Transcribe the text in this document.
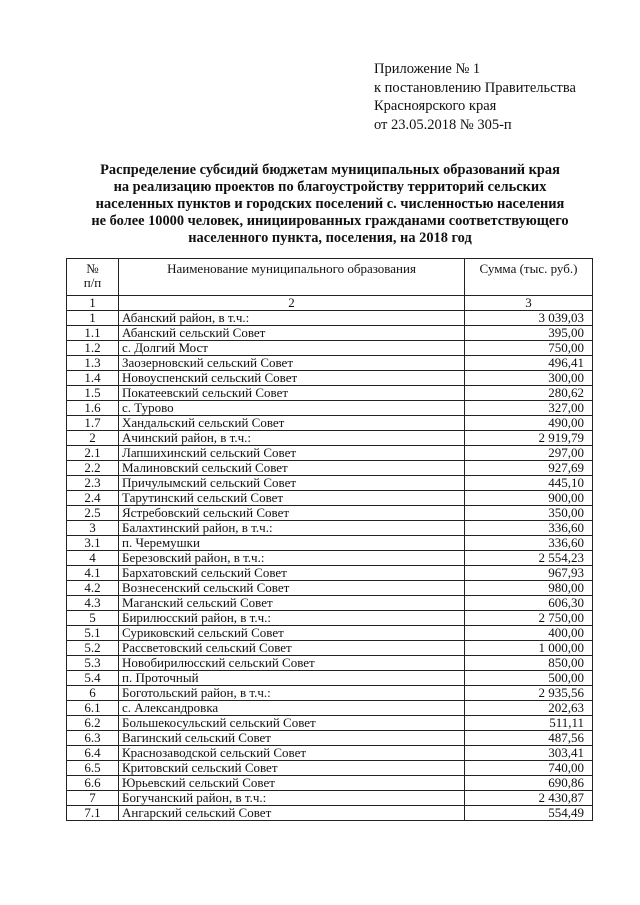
Приложение № 1
к постановлению Правительства
Красноярского края
от 23.05.2018 № 305-п
Распределение субсидий бюджетам муниципальных образований края
на реализацию проектов по благоустройству территорий сельских
населенных пунктов и городских поселений с. численностью населения
не более 10000 человек, инициированных гражданами соответствующего
населенного пункта, поселения, на 2018 год
№
п/п	Наименование муниципального образования	Сумма (тыс. руб.)
1	2	3
1	Абанский район, в т.ч.:	3 039,03
1.1	Абанский сельский Совет	395,00
1.2	с. Долгий Мост	750,00
1.3	Заозерновский сельский Совет	496,41
1.4	Новоуспенский сельский Совет	300,00
1.5	Покатеевский сельский Совет	280,62
1.6	с. Турово	327,00
1.7	Хандальский сельский Совет	490,00
2	Ачинский район, в т.ч.:	2 919,79
2.1	Лапшихинский сельский Совет	297,00
2.2	Малиновский сельский Совет	927,69
2.3	Причулымский сельский Совет	445,10
2.4	Тарутинский сельский Совет	900,00
2.5	Ястребовский сельский Совет	350,00
3	Балахтинский район, в т.ч.:	336,60
3.1	п. Черемушки	336,60
4	Березовский район, в т.ч.:	2 554,23
4.1	Бархатовский сельский Совет	967,93
4.2	Вознесенский сельский Совет	980,00
4.3	Маганский сельский Совет	606,30
5	Бирилюсский район, в т.ч.:	2 750,00
5.1	Суриковский сельский Совет	400,00
5.2	Рассветовский сельский Совет	1 000,00
5.3	Новобирилюсский сельский Совет	850,00
5.4	п. Проточный	500,00
6	Боготольский район, в т.ч.:	2 935,56
6.1	с. Александровка	202,63
6.2	Большекосульский сельский Совет	511,11
6.3	Вагинский сельский Совет	487,56
6.4	Краснозаводской сельский Совет	303,41
6.5	Критовский сельский Совет	740,00
6.6	Юрьевский сельский Совет	690,86
7	Богучанский район, в т.ч.:	2 430,87
7.1	Ангарский сельский Совет	554,49
